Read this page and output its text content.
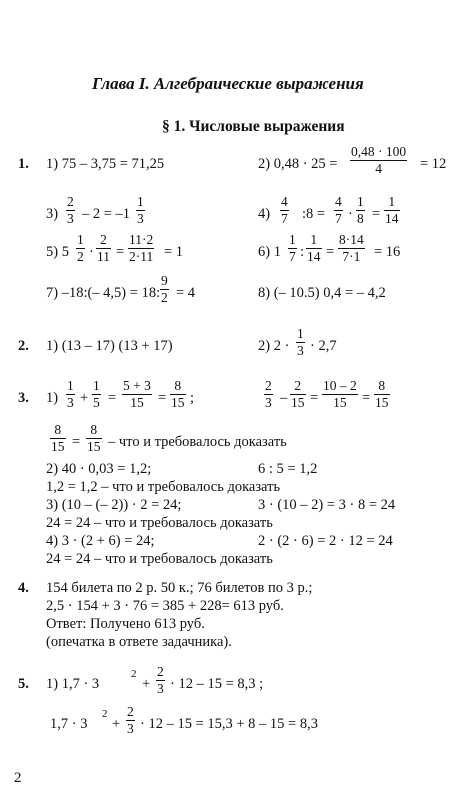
Глава I. Алгебраические выражения
§ 1. Числовые выражения
1. 1) 75 – 3,75 = 71,25	2) $0,48 \cdot 25 = \frac{0,48 \cdot 100}{4} = 12$
$3) \frac{2}{3} - 2 = -1 \frac{1}{3}$	$4) \frac{4}{7}$ :8 = $\frac{4}{7} \cdot \frac{1}{8} = \frac{1}{14}$
5) $5 \frac{1}{2} \cdot \frac{2}{11} = \frac{11\cdot 2}{2\cdot 11} = 1$	6) $1 \frac{1}{7}$ : $\frac{1}{14} = \frac{8\cdot 14}{7\cdot 1} = 16$
7) –18:(– 4,5) = 18: $\frac{9}{2} = 4$	8) (– 10.5) 0,4 = – 4,2
2. 1) (13 – 17) (13 + 17)	2) $2 \cdot \frac{1}{3} \cdot 2,7$
3. $1) \frac{1}{3} + \frac{1}{5} = \frac{5 + 3}{15} = \frac{8}{15}$ ;	$\frac{2}{3} - \frac{2}{15} = \frac{10 - 2}{15} = \frac{8}{15}$
$\frac{8}{15} = \frac{8}{15}$ – что и требовалось доказать
2) 40 · 0,03 = 1,2;	6 : 5 = 1,2
1,2 = 1,2 – что и требовалось доказать
3) (10 – (– 2)) · 2 = 24;	3 · (10 – 2) = 3 · 8 = 24
24 = 24 – что и требовалось доказать
4) 3 · (2 + 6) = 24;	2 · (2 · 6) = 2 · 12 = 24
24 = 24 – что и требовалось доказать
4. 154 билета по 2 р. 50 к.; 76 билетов по 3 р.;
2,5 · 154 + 3 · 76 = 385 + 228= 613 руб.
Ответ: Получено 613 руб.
(опечатка в ответе задачника).
5. 1) 1,7 · 3
2
+ $\frac{2}{3} \cdot 12 - 15 = 8,3$ ;
1,7 · 3
2
+ $\frac{2}{3} \cdot 12 - 15 = 15,3 + 8 - 15 = 8,3$
2
